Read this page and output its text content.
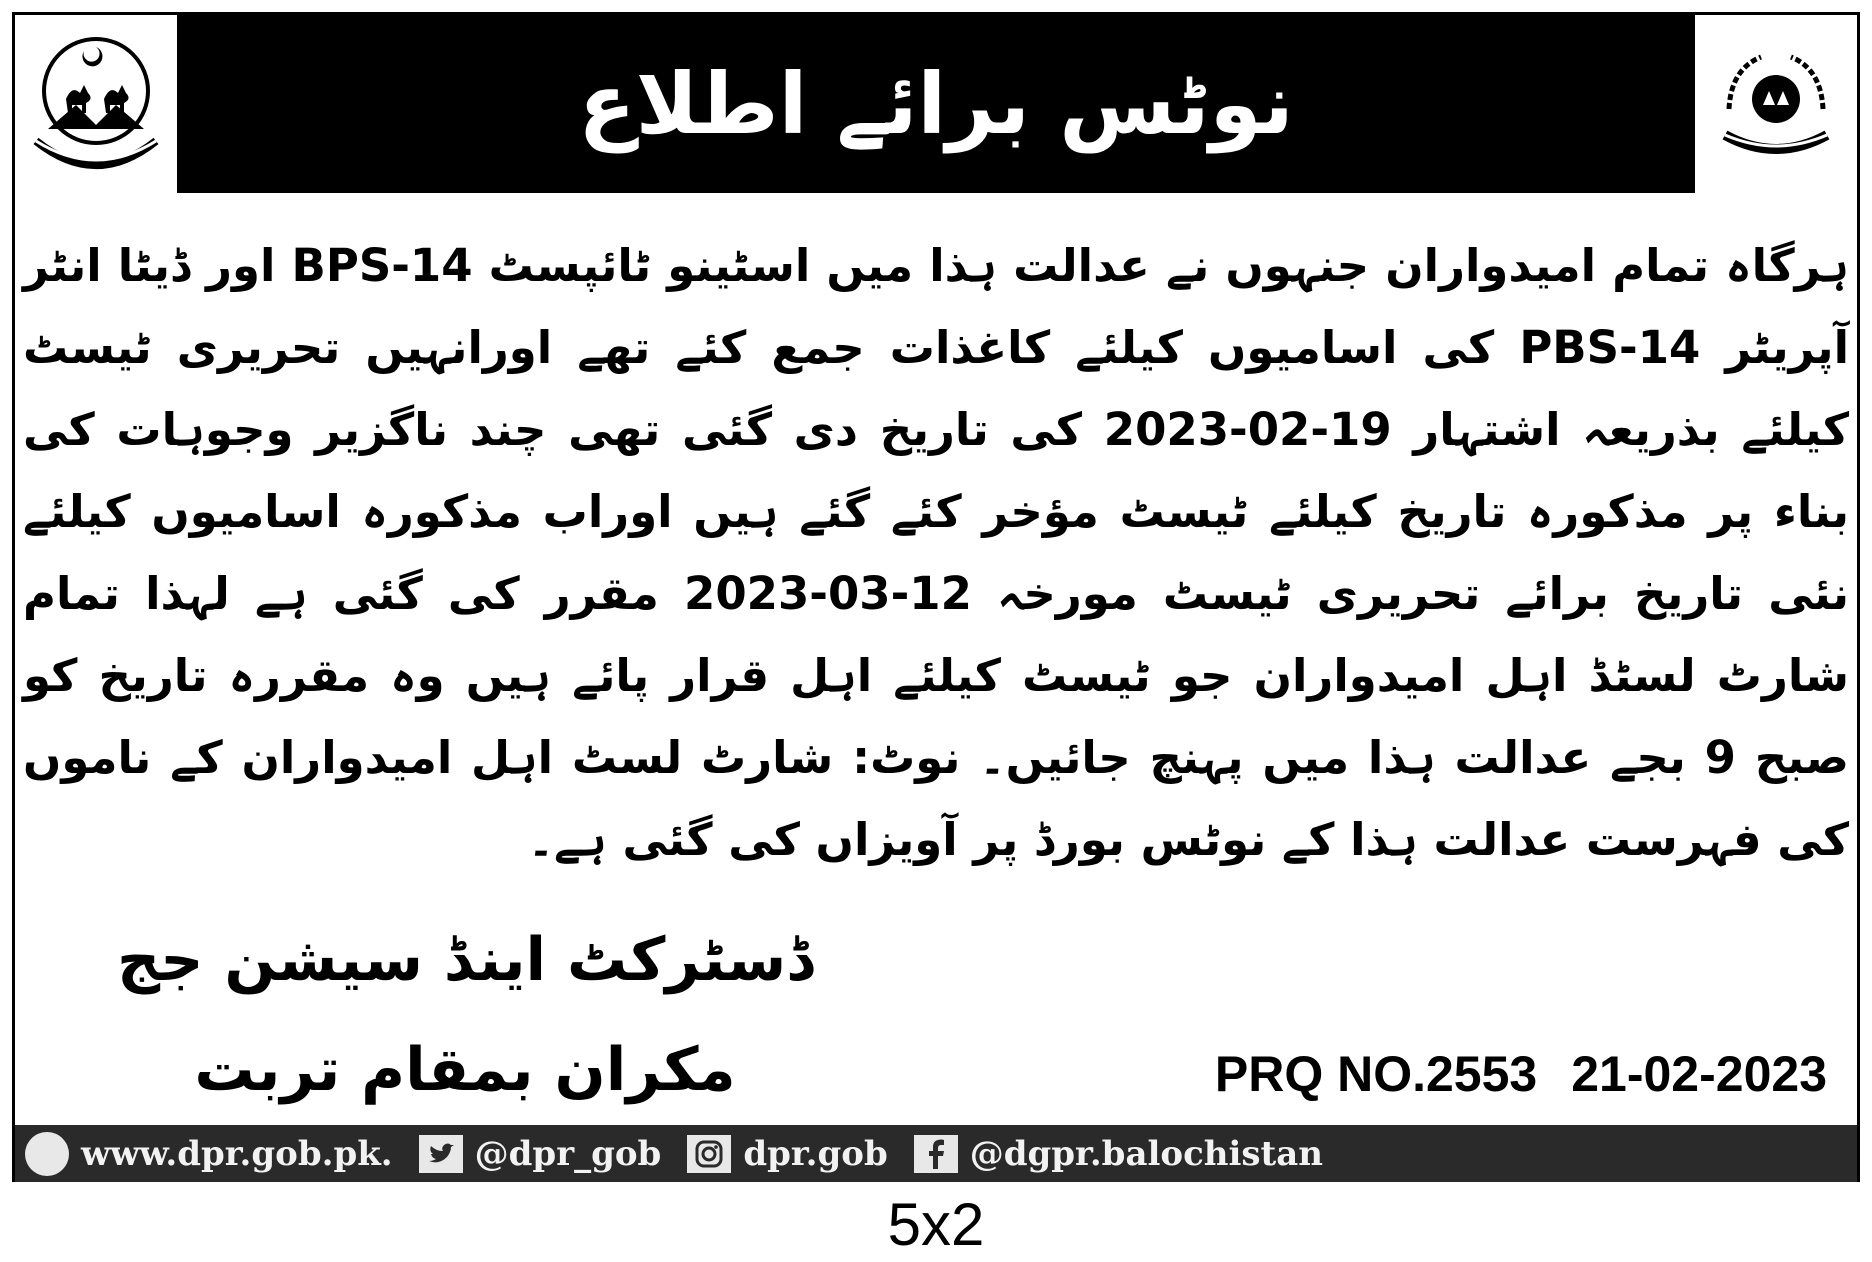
نوٹس برائے اطلاع
ہرگاہ تمام امیدواران جنہوں نے عدالت ہذا میں اسٹینو ٹائپسٹ BPS-14 اور ڈیٹا انٹر آپریٹر PBS-14 کی اسامیوں کیلئے کاغذات جمع کئے تھے اورانہیں تحریری ٹیسٹ کیلئے بذریعہ اشتہار 19-02-2023 کی تاریخ دی گئی تھی چند ناگزیر وجوہات کی بناء پر مذکورہ تاریخ کیلئے ٹیسٹ مؤخر کئے گئے ہیں اوراب مذکورہ اسامیوں کیلئے نئی تاریخ برائے تحریری ٹیسٹ مورخہ 12-03-2023 مقرر کی گئی ہے لہذا تمام شارٹ لسٹڈ اہل امیدواران جو ٹیسٹ کیلئے اہل قرار پائے ہیں وہ مقررہ تاریخ کو صبح 9 بجے عدالت ہذا میں پہنچ جائیں۔ نوٹ: شارٹ لسٹ اہل امیدواران کے ناموں کی فہرست عدالت ہذا کے نوٹس بورڈ پر آویزاں کی گئی ہے۔
ڈسٹرکٹ اینڈ سیشن جج
مکران بمقام تربت	PRQ NO.2553 21-02-2023
www.dpr.gob.pk. @dpr_gob dpr.gob @dgpr.balochistan
5x2
